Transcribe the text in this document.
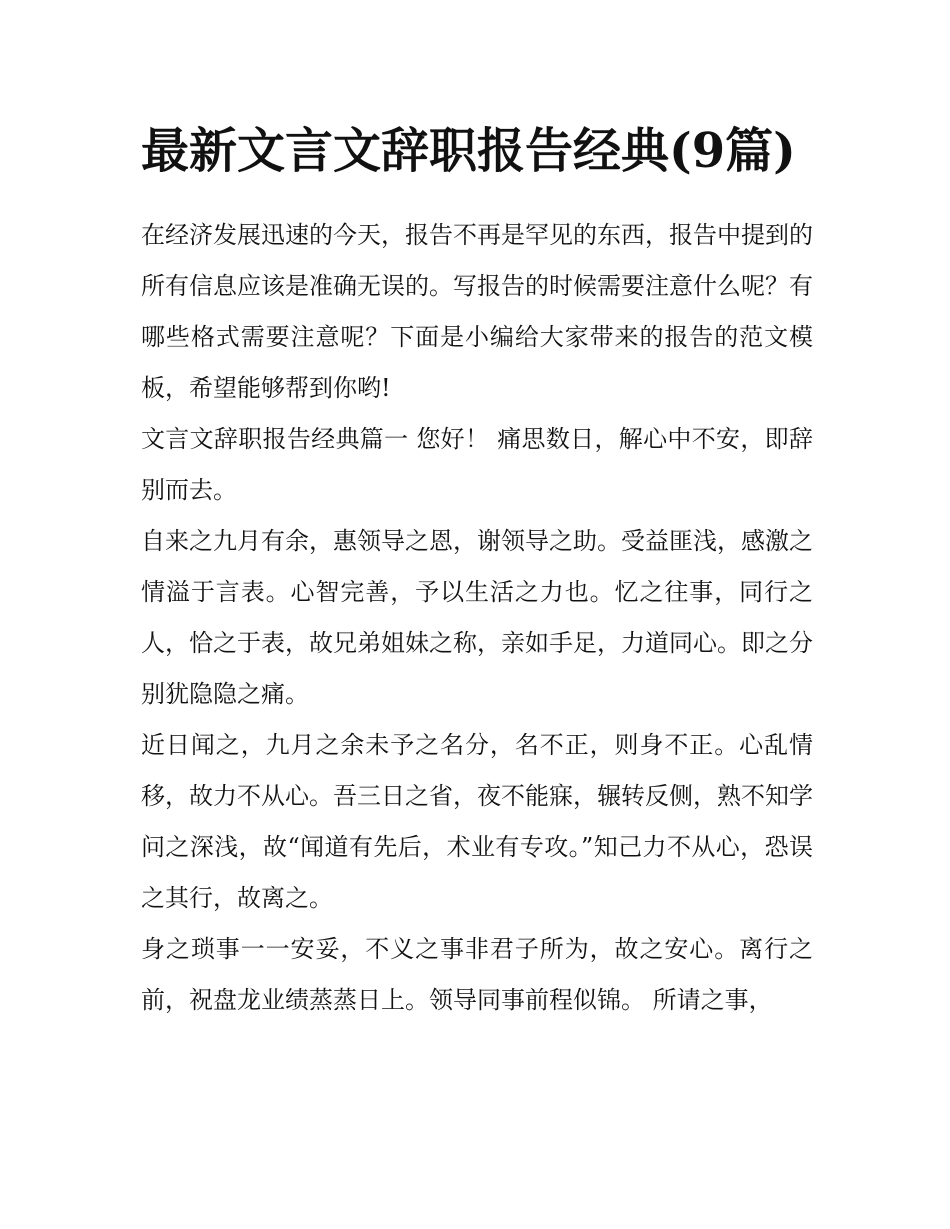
最新文言文辞职报告经典(9篇)

在经济发展迅速的今天，报告不再是罕见的东西，报告中提到的所有信息应该是准确无误的。写报告的时候需要注意什么呢？有哪些格式需要注意呢？下面是小编给大家带来的报告的范文模板，希望能够帮到你哟!

文言文辞职报告经典篇一 您好！ 痛思数日，解心中不安，即辞别而去。

自来之九月有余，惠领导之恩，谢领导之助。受益匪浅，感激之情溢于言表。心智完善，予以生活之力也。忆之往事，同行之人，恰之于表，故兄弟姐妹之称，亲如手足，力道同心。即之分别犹隐隐之痛。

近日闻之，九月之余未予之名分，名不正，则身不正。心乱情移，故力不从心。吾三日之省，夜不能寐，辗转反侧，熟不知学问之深浅，故“闻道有先后，术业有专攻。”知己力不从心，恐误之其行，故离之。

身之琐事一一安妥，不义之事非君子所为，故之安心。离行之前，祝盘龙业绩蒸蒸日上。领导同事前程似锦。 所请之事，
